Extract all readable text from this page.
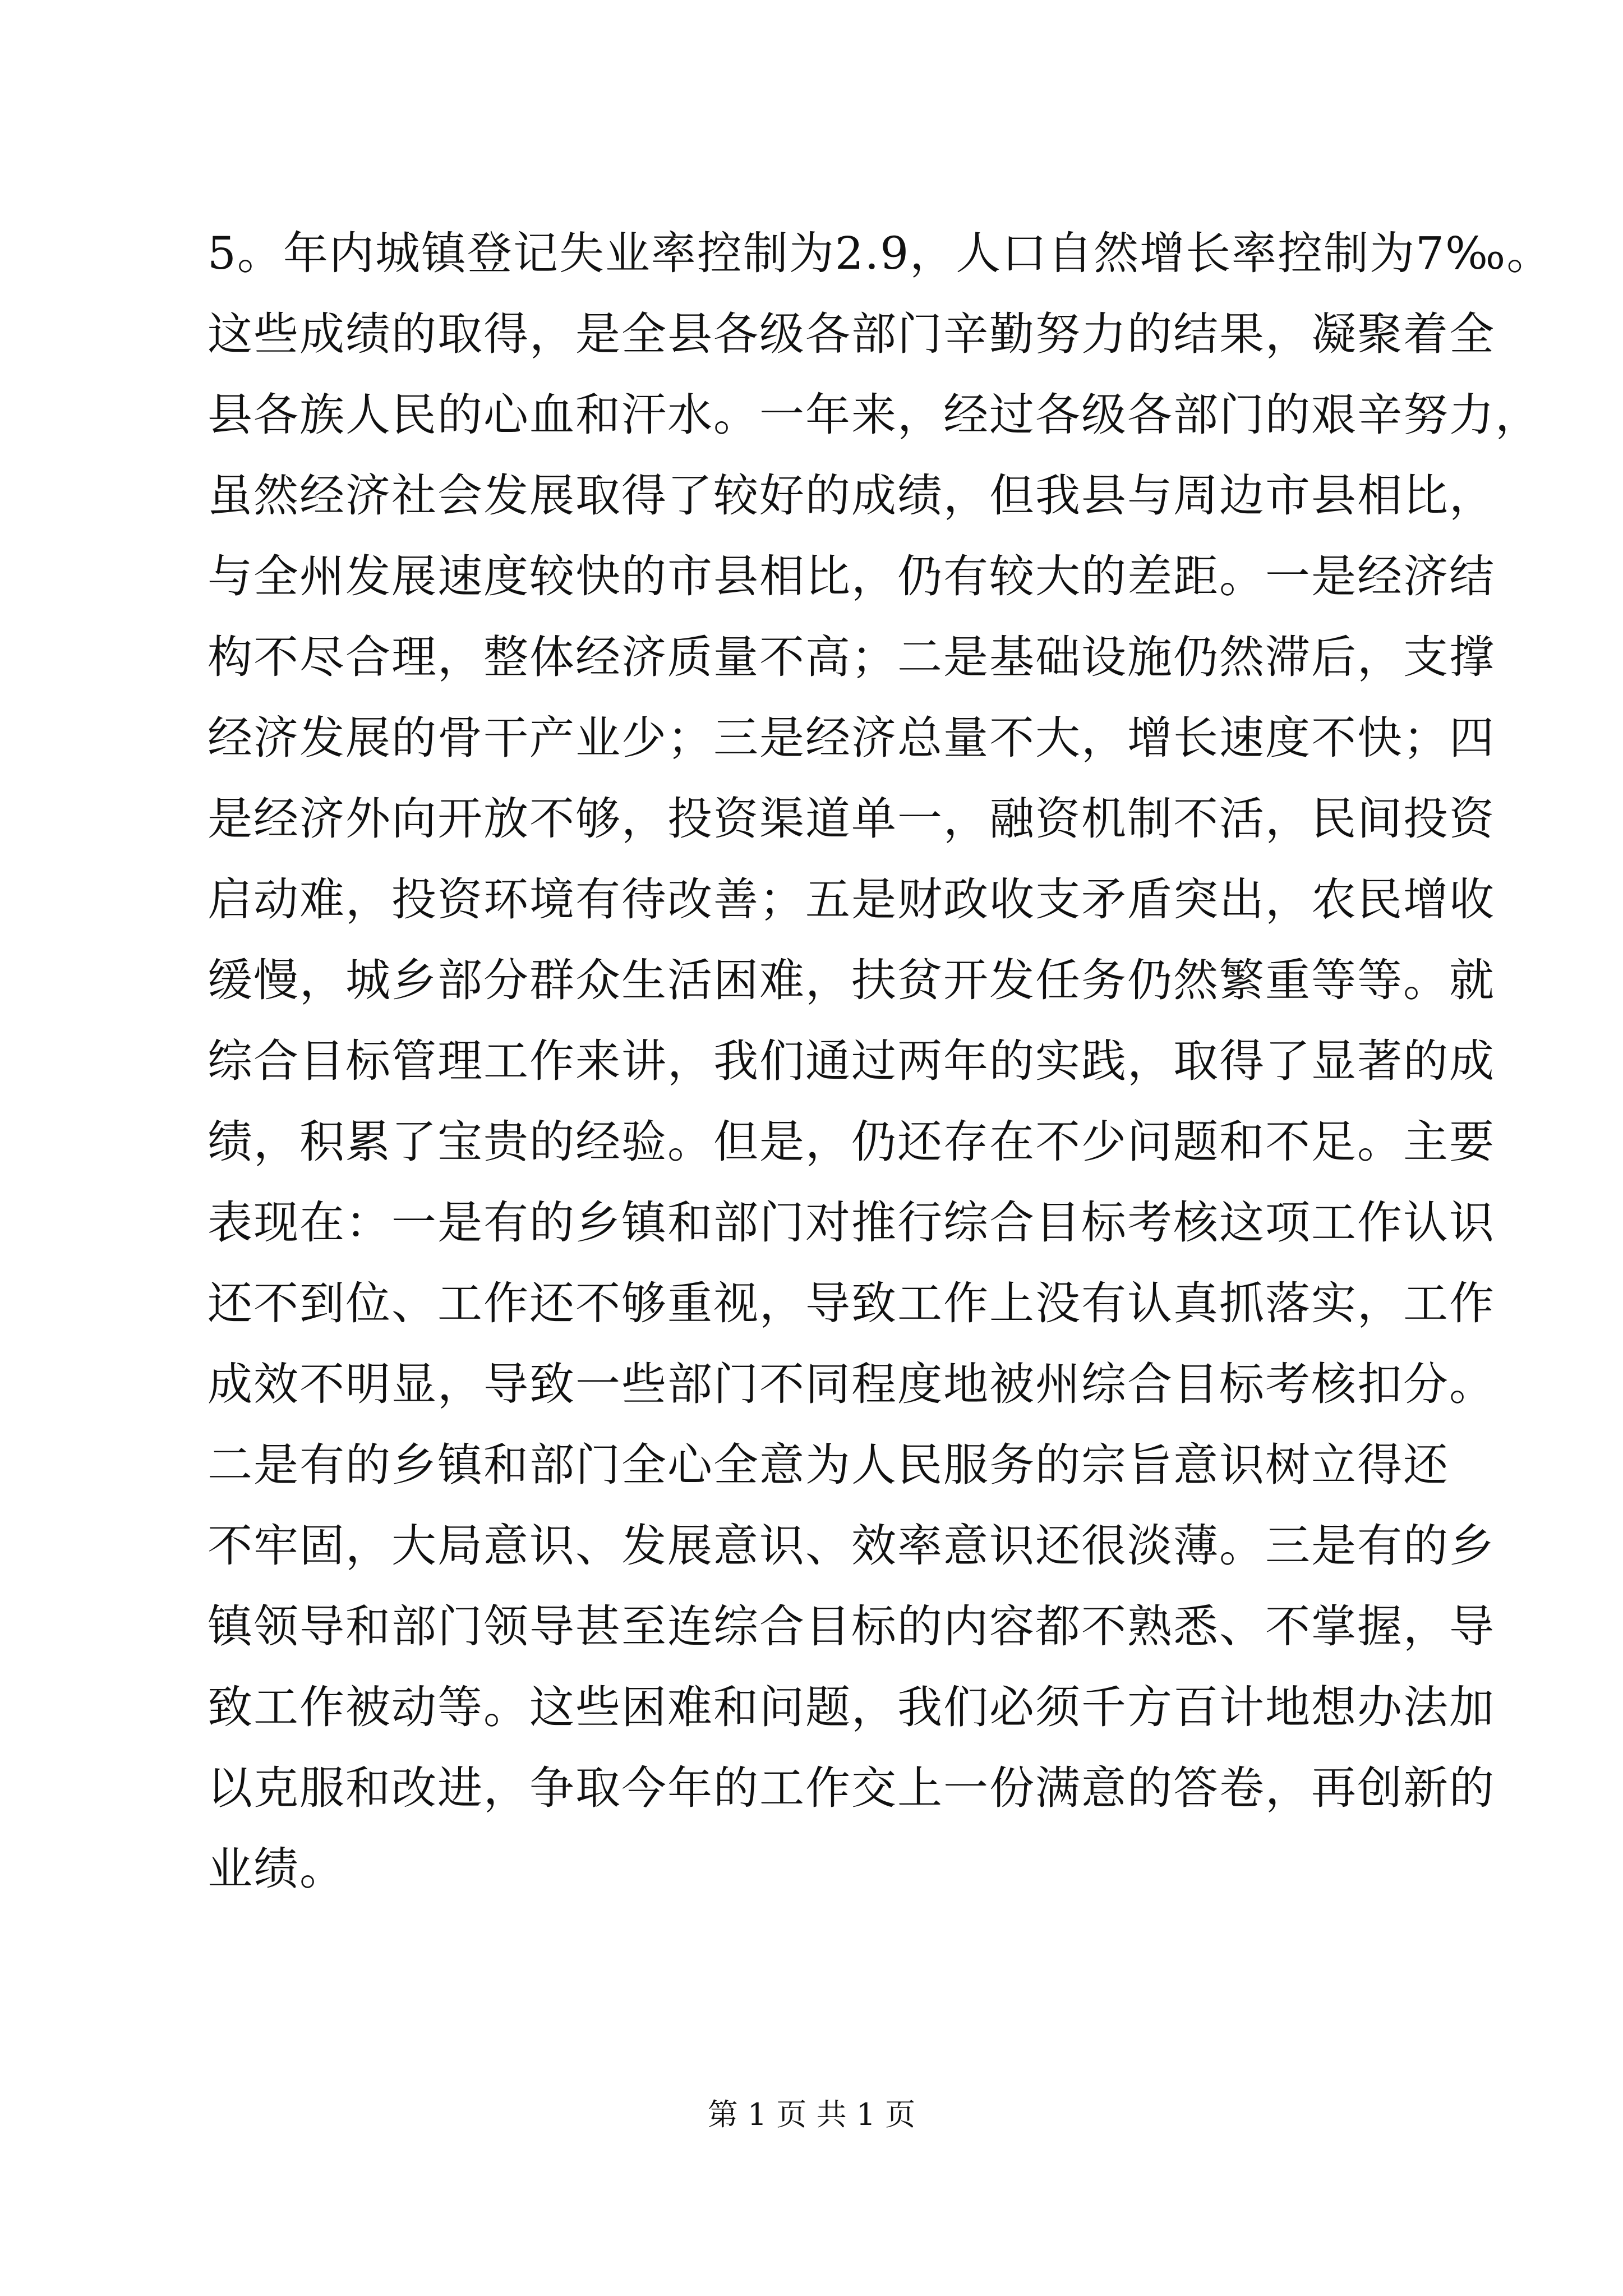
5。年内城镇登记失业率控制为2.9，人口自然增长率控制为7‰。
这些成绩的取得，是全县各级各部门辛勤努力的结果，凝聚着全
县各族人民的心血和汗水。一年来，经过各级各部门的艰辛努力，
虽然经济社会发展取得了较好的成绩，但我县与周边市县相比，
与全州发展速度较快的市县相比，仍有较大的差距。一是经济结
构不尽合理，整体经济质量不高；二是基础设施仍然滞后，支撑
经济发展的骨干产业少；三是经济总量不大，增长速度不快；四
是经济外向开放不够，投资渠道单一，融资机制不活，民间投资
启动难，投资环境有待改善；五是财政收支矛盾突出，农民增收
缓慢，城乡部分群众生活困难，扶贫开发任务仍然繁重等等。就
综合目标管理工作来讲，我们通过两年的实践，取得了显著的成
绩，积累了宝贵的经验。但是，仍还存在不少问题和不足。主要
表现在：一是有的乡镇和部门对推行综合目标考核这项工作认识
还不到位、工作还不够重视，导致工作上没有认真抓落实，工作
成效不明显，导致一些部门不同程度地被州综合目标考核扣分。
二是有的乡镇和部门全心全意为人民服务的宗旨意识树立得还
不牢固，大局意识、发展意识、效率意识还很淡薄。三是有的乡
镇领导和部门领导甚至连综合目标的内容都不熟悉、不掌握，导
致工作被动等。这些困难和问题，我们必须千方百计地想办法加
以克服和改进，争取今年的工作交上一份满意的答卷，再创新的
业绩。
第 1 页 共 1 页
